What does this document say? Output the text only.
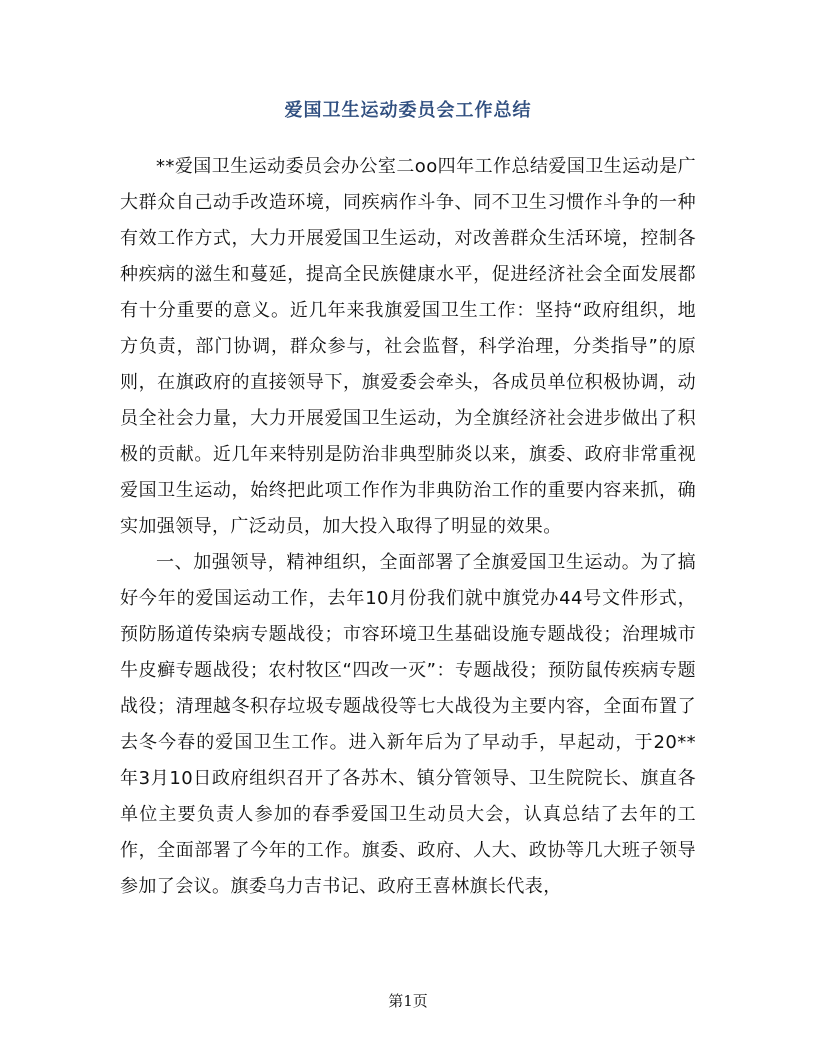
爱国卫生运动委员会工作总结

**爱国卫生运动委员会办公室二oo四年工作总结爱国卫生运动是广大群众自己动手改造环境，同疾病作斗争、同不卫生习惯作斗争的一种有效工作方式，大力开展爱国卫生运动，对改善群众生活环境，控制各种疾病的滋生和蔓延，提高全民族健康水平，促进经济社会全面发展都有十分重要的意义。近几年来我旗爱国卫生工作：坚持“政府组织，地方负责，部门协调，群众参与，社会监督，科学治理，分类指导”的原则，在旗政府的直接领导下，旗爱委会牵头，各成员单位积极协调，动员全社会力量，大力开展爱国卫生运动，为全旗经济社会进步做出了积极的贡献。近几年来特别是防治非典型肺炎以来，旗委、政府非常重视爱国卫生运动，始终把此项工作作为非典防治工作的重要内容来抓，确实加强领导，广泛动员，加大投入取得了明显的效果。

一、加强领导，精神组织，全面部署了全旗爱国卫生运动。为了搞好今年的爱国运动工作，去年10月份我们就中旗党办44号文件形式，预防肠道传染病专题战役；市容环境卫生基础设施专题战役；治理城市牛皮癣专题战役；农村牧区“四改一灭”：专题战役；预防鼠传疾病专题战役；清理越冬积存垃圾专题战役等七大战役为主要内容，全面布置了去冬今春的爱国卫生工作。进入新年后为了早动手，早起动，于20**年3月10日政府组织召开了各苏木、镇分管领导、卫生院院长、旗直各单位主要负责人参加的春季爱国卫生动员大会，认真总结了去年的工作，全面部署了今年的工作。旗委、政府、人大、政协等几大班子领导参加了会议。旗委乌力吉书记、政府王喜林旗长代表，

第1页
